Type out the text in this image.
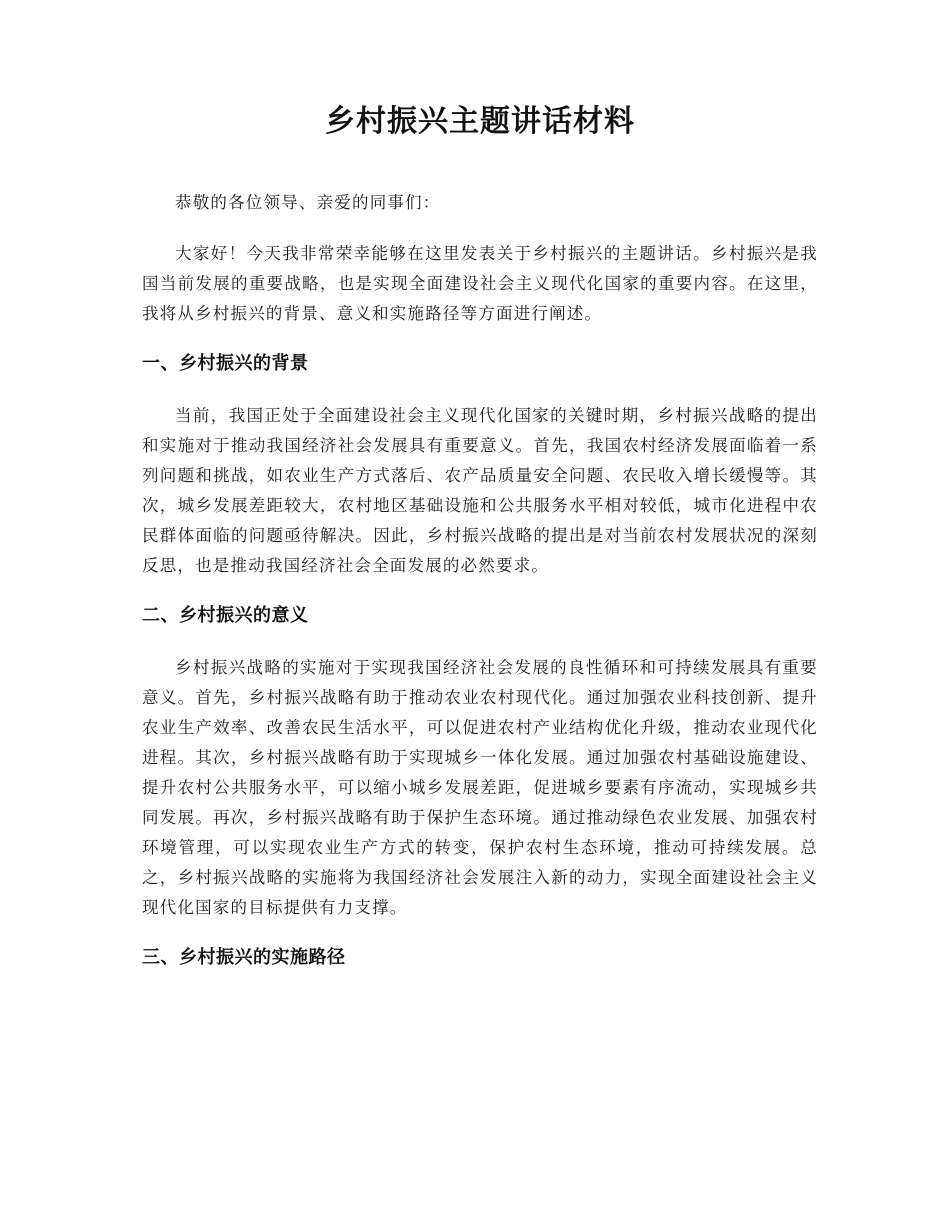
乡村振兴主题讲话材料

恭敬的各位领导、亲爱的同事们：

大家好！今天我非常荣幸能够在这里发表关于乡村振兴的主题讲话。乡村振兴是我国当前发展的重要战略，也是实现全面建设社会主义现代化国家的重要内容。在这里，我将从乡村振兴的背景、意义和实施路径等方面进行阐述。

一、乡村振兴的背景

当前，我国正处于全面建设社会主义现代化国家的关键时期，乡村振兴战略的提出和实施对于推动我国经济社会发展具有重要意义。首先，我国农村经济发展面临着一系列问题和挑战，如农业生产方式落后、农产品质量安全问题、农民收入增长缓慢等。其次，城乡发展差距较大，农村地区基础设施和公共服务水平相对较低，城市化进程中农民群体面临的问题亟待解决。因此，乡村振兴战略的提出是对当前农村发展状况的深刻反思，也是推动我国经济社会全面发展的必然要求。

二、乡村振兴的意义

乡村振兴战略的实施对于实现我国经济社会发展的良性循环和可持续发展具有重要意义。首先，乡村振兴战略有助于推动农业农村现代化。通过加强农业科技创新、提升农业生产效率、改善农民生活水平，可以促进农村产业结构优化升级，推动农业现代化进程。其次，乡村振兴战略有助于实现城乡一体化发展。通过加强农村基础设施建设、提升农村公共服务水平，可以缩小城乡发展差距，促进城乡要素有序流动，实现城乡共同发展。再次，乡村振兴战略有助于保护生态环境。通过推动绿色农业发展、加强农村环境管理，可以实现农业生产方式的转变，保护农村生态环境，推动可持续发展。总之，乡村振兴战略的实施将为我国经济社会发展注入新的动力，实现全面建设社会主义现代化国家的目标提供有力支撑。

三、乡村振兴的实施路径
